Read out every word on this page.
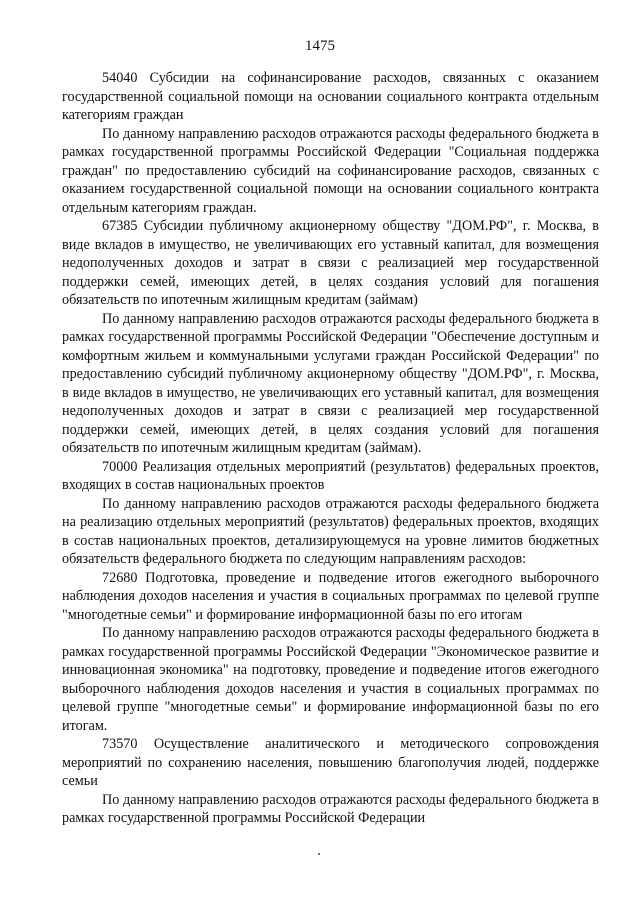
1475

54040 Субсидии на софинансирование расходов, связанных с оказанием государственной социальной помощи на основании социального контракта отдельным категориям граждан

По данному направлению расходов отражаются расходы федерального бюджета в рамках государственной программы Российской Федерации "Социальная поддержка граждан" по предоставлению субсидий на софинансирование расходов, связанных с оказанием государственной социальной помощи на основании социального контракта отдельным категориям граждан.

67385 Субсидии публичному акционерному обществу "ДОМ.РФ", г. Москва, в виде вкладов в имущество, не увеличивающих его уставный капитал, для возмещения недополученных доходов и затрат в связи с реализацией мер государственной поддержки семей, имеющих детей, в целях создания условий для погашения обязательств по ипотечным жилищным кредитам (займам)

По данному направлению расходов отражаются расходы федерального бюджета в рамках государственной программы Российской Федерации "Обеспечение доступным и комфортным жильем и коммунальными услугами граждан Российской Федерации" по предоставлению субсидий публичному акционерному обществу "ДОМ.РФ", г. Москва, в виде вкладов в имущество, не увеличивающих его уставный капитал, для возмещения недополученных доходов и затрат в связи с реализацией мер государственной поддержки семей, имеющих детей, в целях создания условий для погашения обязательств по ипотечным жилищным кредитам (займам).

70000 Реализация отдельных мероприятий (результатов) федеральных проектов, входящих в состав национальных проектов

По данному направлению расходов отражаются расходы федерального бюджета на реализацию отдельных мероприятий (результатов) федеральных проектов, входящих в состав национальных проектов, детализирующемуся на уровне лимитов бюджетных обязательств федерального бюджета по следующим направлениям расходов:

72680 Подготовка, проведение и подведение итогов ежегодного выборочного наблюдения доходов населения и участия в социальных программах по целевой группе "многодетные семьи" и формирование информационной базы по его итогам

По данному направлению расходов отражаются расходы федерального бюджета в рамках государственной программы Российской Федерации "Экономическое развитие и инновационная экономика" на подготовку, проведение и подведение итогов ежегодного выборочного наблюдения доходов населения и участия в социальных программах по целевой группе "многодетные семьи" и формирование информационной базы по его итогам.

73570 Осуществление аналитического и методического сопровождения мероприятий по сохранению населения, повышению благополучия людей, поддержке семьи

По данному направлению расходов отражаются расходы федерального бюджета в рамках государственной программы Российской Федерации
